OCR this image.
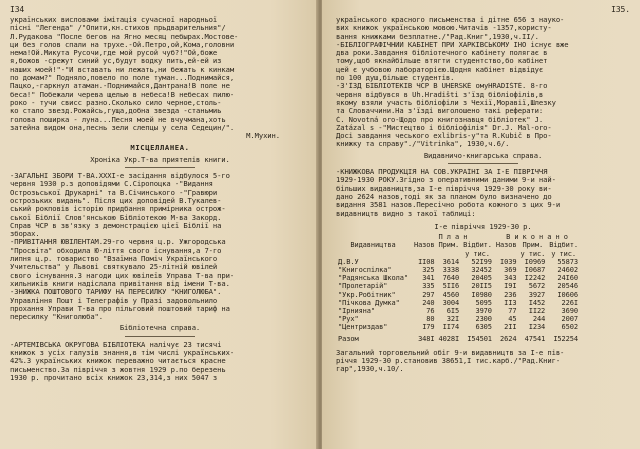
I34
українських висловами імітація сучасної народньої
пісні "Легенда" /"Опити,кн.стихов прьдварительния"/
Л.Рудакова "После бегов на Ягно месяц пебырах.Мостове-
ци без голов спали на трухе.-Ой.Петро,ой,Кома,головни
нема!Ой.Микута Русочи,где мой русой чуб?!"Ой,боже
я,божов -срежут синий ус,будут водку пить,ей-ей из
наших моей!"-"И вставать ни лежать,ни бежать к кинкам
по домам?" Подняло,повело по поле туман...Поднимайся,
Пацко,-гаркнул атаман.-Поднимайся,Дантрана!В поле не
беса!" Побежали черева щелью в небеса!В небесах пилю-
роко - тучи свисс разно.Сколько сило черное,столь-
ко стало звезд.Рожайсь,гуща,добна звезда -станьмиь
голова поширка - луна...Песня моей не вчучмана,хоть
затейна видом она,песнь зели слепцы у села Седецин/".
М.Мухин.
МІСЦЕЛЛАНЕА.
Хроніка Укр.Т-ва приятелів книги.
-ЗАГАЛЬНІ ЗБОРИ Т-ВА.XXXI-е засідання відбулося 5-го
червня 1930 р.з доповідями С.Сіропоцка -"Видання
Острозьської Друкарні" та В.Січинського -"Гравюри
острозьких видань". Після цих доповідей В.Тукалев-
ський рокповів історію придбання примірника острож-
ської Біблії Слов'янською Бібліотекою М-ва Закорд.
Справ ЧСР в зв'язку з демонстрацією цієї Біблії на
зборах.
-ПРИВІТАННЯ ЮВІЛЕНТАМ.29-го червня ц.р. Ужгородська
"Просвіта" обходила Ю-ліття свого існування,а 7-го
липня ц.р. товариство "Взаїмна Поміч Українського
Учительства" у Львові святкувало 25-літній ювілей
свого існування.З нагоди цих ювілеїв Управа Т-ва при-
хильників книги надіслала привітання від імени Т-ва.
-ЗНИЖКА ПОШТОВОГО ТАРИФУ НА ПЕРЕСИЛКУ "КНИГОЛЮБА".
Управління Пошт і Телеграфів у Празі задовольнило
прохання Управи Т-ва про пільговий поштовий тариф на
пересилку "Книголюба".
Бібліотечна справа.
-АРТЕМІВСЬКА ОКРУГОВА БІБЛІОТЕКА налічує 23 тисячі
книжок з усіх галузів знання,в тім числі українських-
42%.З українських книжок переважно читається красне
письменство.За півріччя з жовтня 1929 р.по березень
1930 р. прочитано всіх книжок 23,314,з них 5047 з
I35.
українського красного письменства і дітне 656 з науко-
вих книжок українською мовою.Читачів -1357,користу-
вання книжками безплатне./"Рад.Книг",1930,ч.II/.
-БІБЛІОГРАФІЧНИЙ КАБІНЕТ ПРИ ХАРКІВСЬКОМУ ІНО існує вже
два роки.Завдання бібліотечного кабінету полягає в
тому,щоб якнайбільше втягти студентство,бо кабінет
цей є учбовою лабораторією.Щодня кабінет відвідує
по 100 душ,більше студентів.
-З'ЇЗД БІБЛІОТЕКІВ ЧСР В UHERSKÉ омуНRADIŠTĚ. 8-го
червня відбувся в Uh.Hradišti з'їзд бібліофілів,в
якому взяли участь бібліофіли з Чехії,Моравії,Шлезку
та Словаччини.На з'їзді виголошено такі реферати:
Č. Novotná oro-Щодо про книгознавця бібліотек" J.
Zatázal s -"Мистецтво і бібліофілія" Dr.J. Mal-oro-
Досі завдання чеського exlibris-у"та R.Kubič в Про-
книжку та справу"./"Vitrinka", 1930,ч.6/.
Видавничо-книгарська справа.
-КНИЖКОВА ПРОДУКЦІЯ НА СОВ.УКРАЇНІ ЗА І-Е ПІВРІЧЧЯ
1929-1930 РОКУ.Згідно з оперативними даними 9-и най-
більших видавництв,за I-е півріччя 1929-30 року ви-
дано 2624 назов,тоді як за планом було визначено до
видання 3581 назов.Пересічно робота кожного з цих 9-и
видавництв видно з такої таблиці:
І-е півріччя 1929-30 р.
	П л а н			В и к о н а н о		
Видавництва	Назов	Прим.	Відбит.	Назов	Прим.	Відбит.
			у тис.		у тис.	у тис.
Д.В.У	II08	3614	52I99	I039	I0969	55873
"Книгоспілка"	325	3338	32452	369	I0687	24602
"Радянська Школа"	341	7640	20405	343	I2242	24I60
"Пролетарій"	335	5II6	20II5	I9I	5672	20546
"Укр.Робітник"	297	4560	I0980	236	3927	I0606
"Пічкова Думка"	240	3004	5095	II3	I452	226I
"Ірнияна"	76	6I5	3970	77	II22	3690
"Рух"	80	32I	2300	45	244	2007
"Центриздав"	I79	II74	6305	2II	I234	6502
Разом	348I	4028I	I54501	2624	47541	I52254
Загальний торговельний обіг 9-и видавництв за І-е пів-
річчя 1929-30 р.становив 38651,I тис.карб./"Рад.Книг-
гар",1930,ч.10/.
